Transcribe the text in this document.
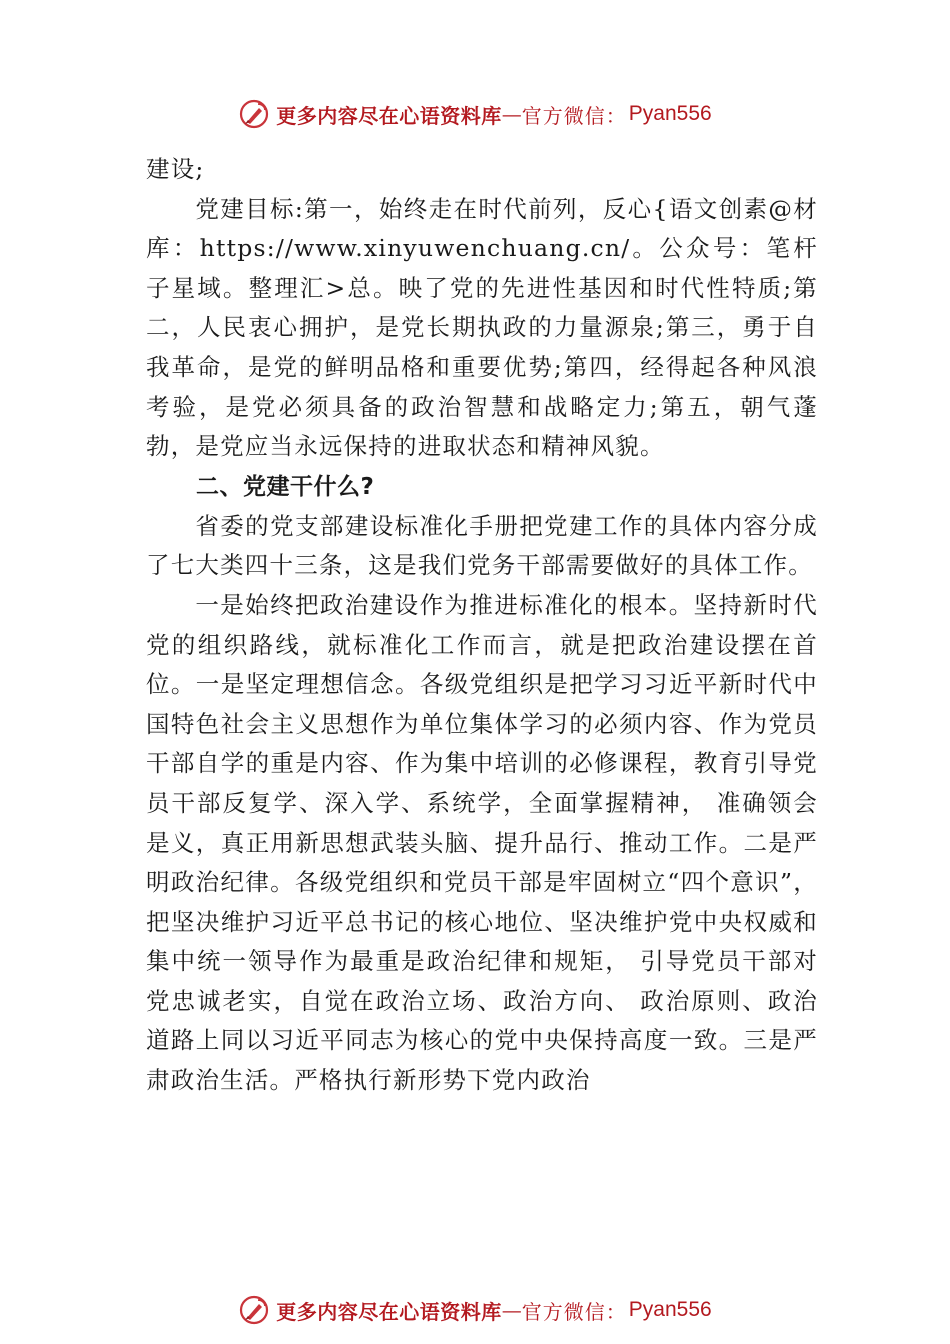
更多内容尽在心语资料库 — 官方微信： Pyan556

建设;

党建目标:第一，始终走在时代前列，反心{语文创素@材库：https://www.xinyuwenchuang.cn/。公众号：笔杆子星域。整理汇>总。映了党的先进性基因和时代性特质;第二，人民衷心拥护，是党长期执政的力量源泉;第三，勇于自我革命，是党的鲜明品格和重要优势;第四，经得起各种风浪考验，是党必须具备的政治智慧和战略定力;第五，朝气蓬勃，是党应当永远保持的进取状态和精神风貌。

二、党建干什么?

省委的党支部建设标准化手册把党建工作的具体内容分成了七大类四十三条，这是我们党务干部需要做好的具体工作。

一是始终把政治建设作为推进标准化的根本。坚持新时代党的组织路线，就标准化工作而言，就是把政治建设摆在首位。一是坚定理想信念。各级党组织是把学习习近平新时代中国特色社会主义思想作为单位集体学习的必须内容、作为党员干部自学的重是内容、作为集中培训的必修课程，教育引导党员干部反复学、深入学、系统学，全面掌握精神， 准确领会是义，真正用新思想武装头脑、提升品行、推动工作。二是严明政治纪律。各级党组织和党员干部是牢固树立“四个意识”，把坚决维护习近平总书记的核心地位、坚决维护党中央权威和集中统一领导作为最重是政治纪律和规矩， 引导党员干部对党忠诚老实，自觉在政治立场、政治方向、 政治原则、政治道路上同以习近平同志为核心的党中央保持高度一致。三是严肃政治生活。严格执行新形势下党内政治

更多内容尽在心语资料库 — 官方微信： Pyan556
